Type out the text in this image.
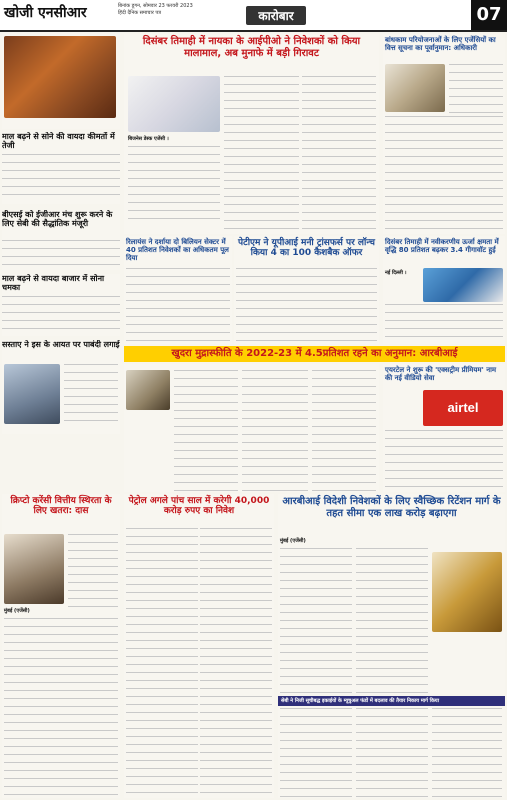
खोजी एनसीआर	बिनांक डूगन, सोमवार 23 फरवरी 2023
हिंदी दैनिक समाचार पत्र	कारोबार	07
माल बढ़ने से सोने की वायदा कीमतों में तेजी
बीएसई को ईजीआर मंच शुरू करने के लिए सेबी की सैद्धांतिक मंजूरी
माल बढ़ने से वायदा बाजार में सोना चमका
सस्ताए ने इस के आयत पर पाबंदी लगाई
दिसंबर तिमाही में नायका के आईपीओ ने निवेशकों को किया मालामाल, अब मुनाफे में बड़ी गिरावट
बिजनेस डेस्क एजेंसी ।
रिलायंस ने दर्शाया दो बिलियन सेक्टर में 40 प्रतिशत निवेशकों का अधिकतम पूल दिया
पेटीएम ने यूपीआई मनी ट्रांसफर्स पर लॉन्च किया 4 का 100 कैशबैक ऑफर
बांधकाम परियोजनाओं के लिए एजेंसियों का वित्त सूचना का पूर्वानुमान: अधिकारी
दिसंबर तिमाही में नवीकरणीय ऊर्जा क्षमता में वृद्धि 80 प्रतिशत बढ़कर 3.4 गीगावॉट हुई
नई दिल्ली ।
खुदरा मुद्रास्फीति के 2022-23 में 4.5प्रतिशत रहने का अनुमान: आरबीआई
एयरटेल ने शुरू की 'एक्सट्रीम प्रीमियम' नाम की नई वीडियो सेवा
airtel
क्रिप्टो करेंसी वित्तीय स्थिरता के लिए खतरा: दास
मुंबई (एजेंसी)
पेट्रोल अगले पांच साल में करेगी 40,000 करोड़ रुपए का निवेश
आरबीआई विदेशी निवेशकों के लिए स्वैच्छिक रिटेंशन मार्ग के तहत सीमा एक लाख करोड़ बढ़ाएगा
मुंबई (एजेंसी)
सेबी ने निजी सूचीबद्ध इकाईयों के म्यूचुअल फंडों में बदलाव की तैयार निकाय मार्ग किया
